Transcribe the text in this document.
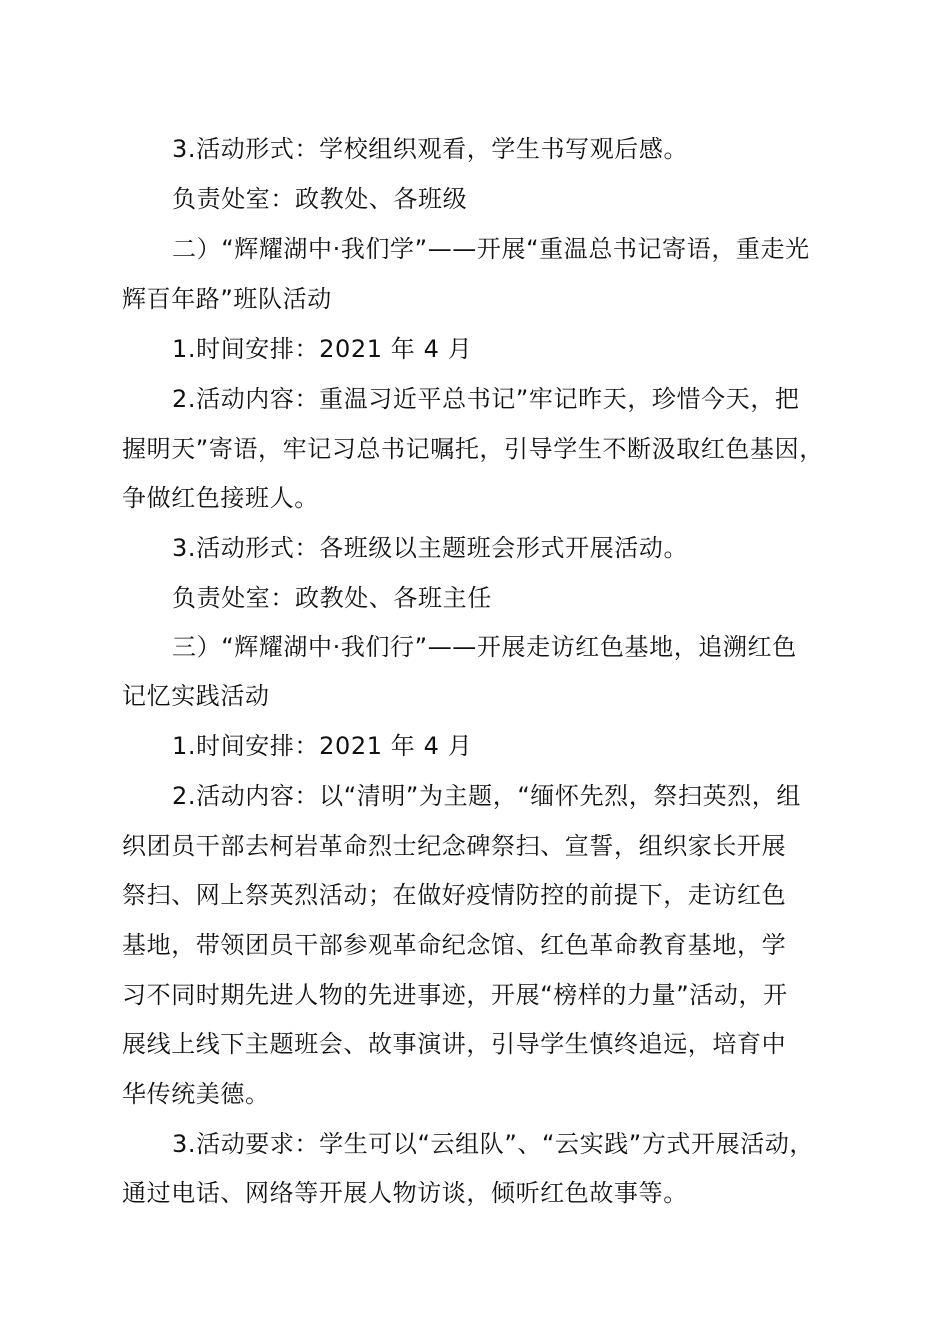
3.活动形式：学校组织观看，学生书写观后感。
负责处室：政教处、各班级
二）“辉耀湖中·我们学”——开展“重温总书记寄语，重走光
辉百年路”班队活动
1.时间安排：2021 年 4 月
2.活动内容：重温习近平总书记”牢记昨天，珍惜今天，把
握明天”寄语，牢记习总书记嘱托，引导学生不断汲取红色基因，
争做红色接班人。
3.活动形式：各班级以主题班会形式开展活动。
负责处室：政教处、各班主任
三）“辉耀湖中·我们行”——开展走访红色基地，追溯红色
记忆实践活动
1.时间安排：2021 年 4 月
2.活动内容：以“清明”为主题，“缅怀先烈，祭扫英烈，组
织团员干部去柯岩革命烈士纪念碑祭扫、宣誓，组织家长开展
祭扫、网上祭英烈活动；在做好疫情防控的前提下，走访红色
基地，带领团员干部参观革命纪念馆、红色革命教育基地，学
习不同时期先进人物的先进事迹，开展“榜样的力量”活动，开
展线上线下主题班会、故事演讲，引导学生慎终追远，培育中
华传统美德。
3.活动要求：学生可以“云组队”、“云实践”方式开展活动，
通过电话、网络等开展人物访谈，倾听红色故事等。
